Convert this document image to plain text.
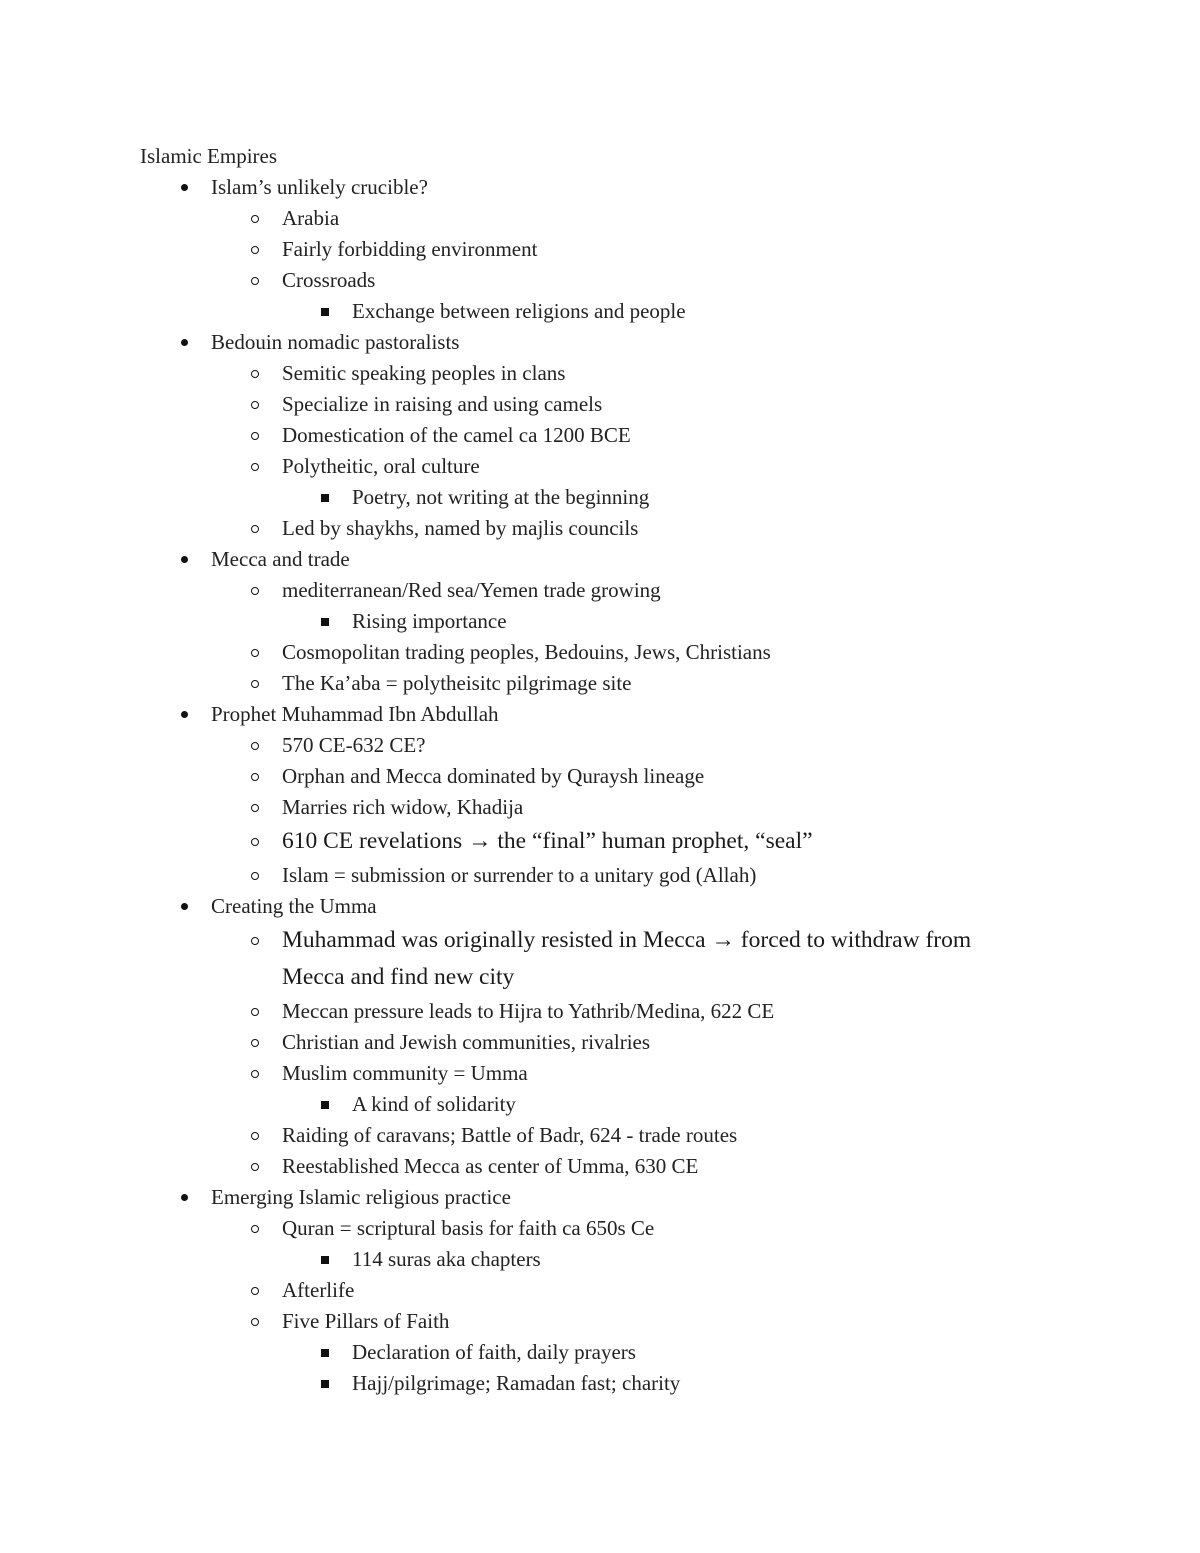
Islamic Empires
Islam’s unlikely crucible?
Arabia
Fairly forbidding environment
Crossroads
Exchange between religions and people
Bedouin nomadic pastoralists
Semitic speaking peoples in clans
Specialize in raising and using camels
Domestication of the camel ca 1200 BCE
Polytheitic, oral culture
Poetry, not writing at the beginning
Led by shaykhs, named by majlis councils
Mecca and trade
mediterranean/Red sea/Yemen trade growing
Rising importance
Cosmopolitan trading peoples, Bedouins, Jews, Christians
The Ka’aba = polytheisitc pilgrimage site
Prophet Muhammad Ibn Abdullah
570 CE-632 CE?
Orphan and Mecca dominated by Quraysh lineage
Marries rich widow, Khadija
610 CE revelations → the “final” human prophet, “seal”
Islam = submission or surrender to a unitary god (Allah)
Creating the Umma
Muhammad was originally resisted in Mecca → forced to withdraw from Mecca and find new city
Meccan pressure leads to Hijra to Yathrib/Medina, 622 CE
Christian and Jewish communities, rivalries
Muslim community = Umma
A kind of solidarity
Raiding of caravans; Battle of Badr, 624 - trade routes
Reestablished Mecca as center of Umma, 630 CE
Emerging Islamic religious practice
Quran = scriptural basis for faith ca 650s Ce
114 suras aka chapters
Afterlife
Five Pillars of Faith
Declaration of faith, daily prayers
Hajj/pilgrimage; Ramadan fast; charity
